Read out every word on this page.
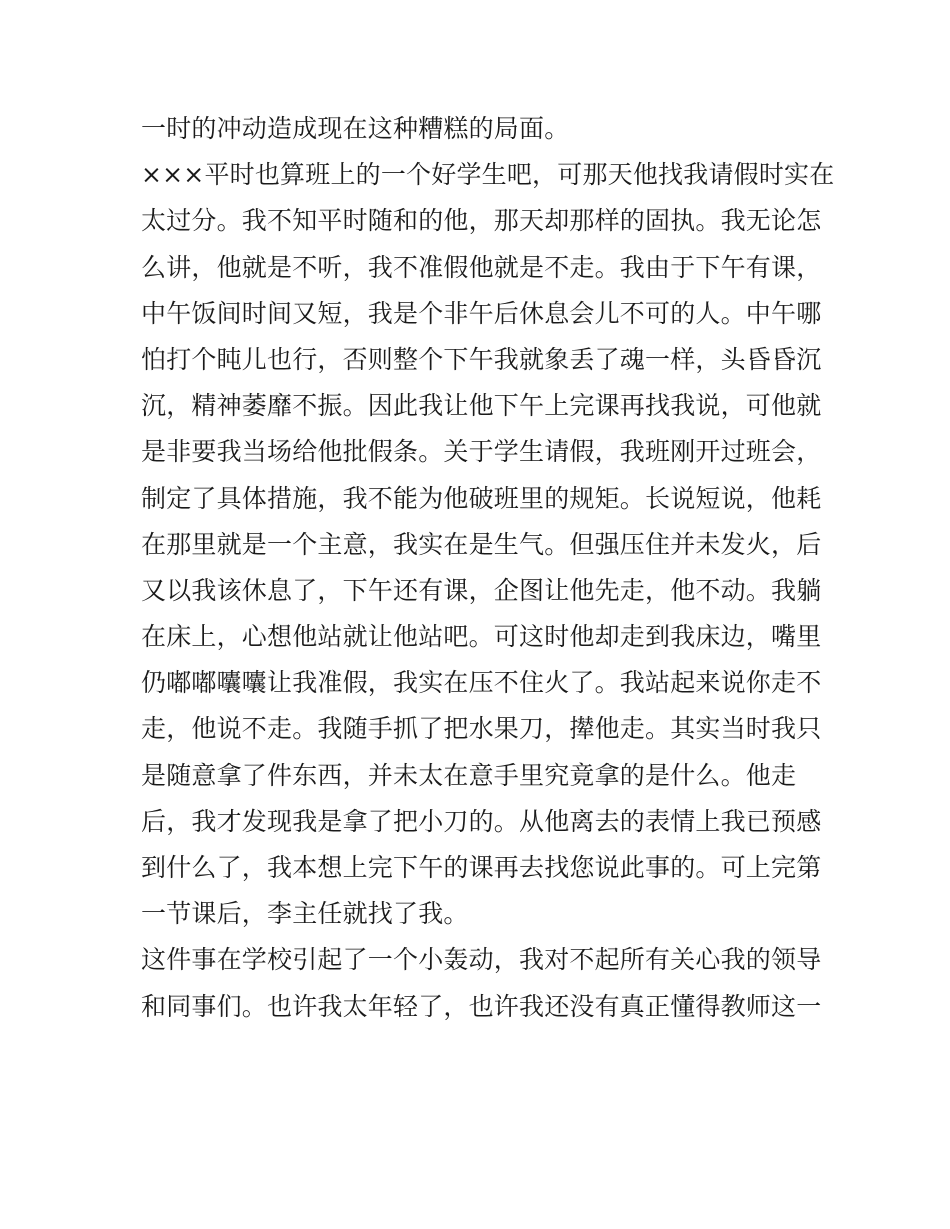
一时的冲动造成现在这种糟糕的局面。
×××平时也算班上的一个好学生吧，可那天他找我请假时实在
太过分。我不知平时随和的他，那天却那样的固执。我无论怎
么讲，他就是不听，我不准假他就是不走。我由于下午有课，
中午饭间时间又短，我是个非午后休息会儿不可的人。中午哪
怕打个盹儿也行，否则整个下午我就象丢了魂一样，头昏昏沉
沉，精神萎靡不振。因此我让他下午上完课再找我说，可他就
是非要我当场给他批假条。关于学生请假，我班刚开过班会，
制定了具体措施，我不能为他破班里的规矩。长说短说，他耗
在那里就是一个主意，我实在是生气。但强压住并未发火，后
又以我该休息了，下午还有课，企图让他先走，他不动。我躺
在床上，心想他站就让他站吧。可这时他却走到我床边，嘴里
仍嘟嘟囔囔让我准假，我实在压不住火了。我站起来说你走不
走，他说不走。我随手抓了把水果刀，撵他走。其实当时我只
是随意拿了件东西，并未太在意手里究竟拿的是什么。他走
后，我才发现我是拿了把小刀的。从他离去的表情上我已预感
到什么了，我本想上完下午的课再去找您说此事的。可上完第
一节课后，李主任就找了我。
这件事在学校引起了一个小轰动，我对不起所有关心我的领导
和同事们。也许我太年轻了，也许我还没有真正懂得教师这一
